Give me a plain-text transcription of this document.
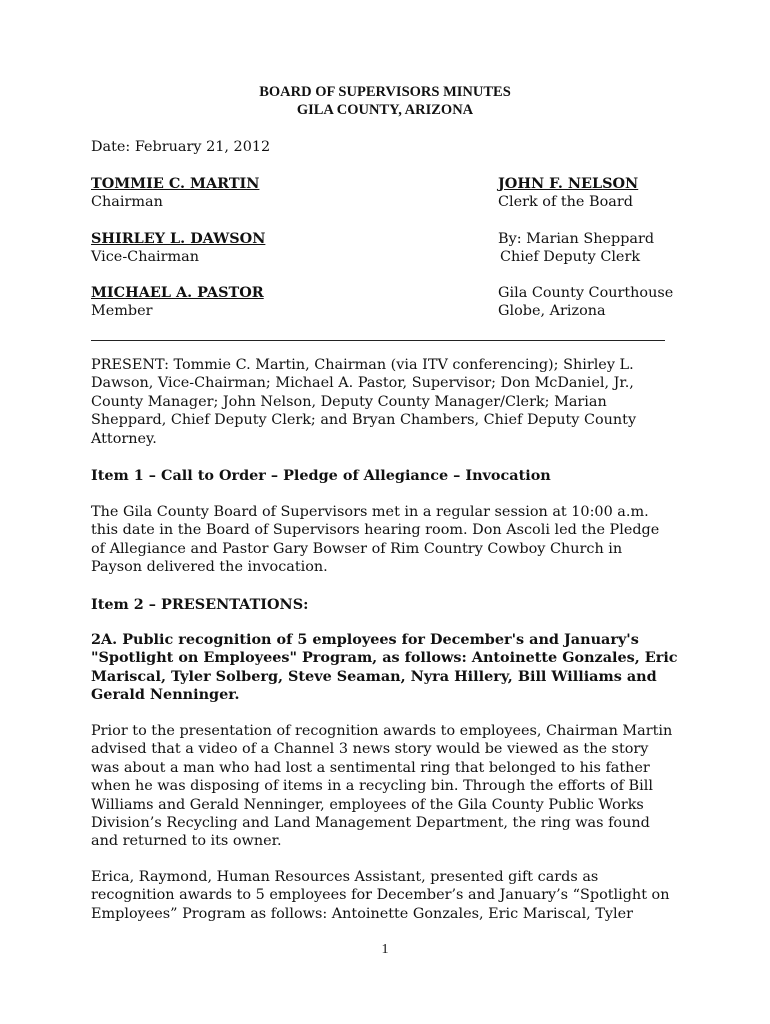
BOARD OF SUPERVISORS MINUTES
GILA COUNTY, ARIZONA
Date: February 21, 2012
TOMMIE C. MARTIN
Chairman
SHIRLEY L. DAWSON
Vice-Chairman
MICHAEL A. PASTOR
Member
JOHN F. NELSON
Clerk of the Board
By: Marian Sheppard
Chief Deputy Clerk
Gila County Courthouse
Globe, Arizona
PRESENT: Tommie C. Martin, Chairman (via ITV conferencing); Shirley L.
Dawson, Vice-Chairman; Michael A. Pastor, Supervisor; Don McDaniel, Jr.,
County Manager; John Nelson, Deputy County Manager/Clerk; Marian
Sheppard, Chief Deputy Clerk; and Bryan Chambers, Chief Deputy County
Attorney.
Item 1 – Call to Order – Pledge of Allegiance – Invocation
The Gila County Board of Supervisors met in a regular session at 10:00 a.m.
this date in the Board of Supervisors hearing room. Don Ascoli led the Pledge
of Allegiance and Pastor Gary Bowser of Rim Country Cowboy Church in
Payson delivered the invocation.
Item 2 – PRESENTATIONS:
2A. Public recognition of 5 employees for December's and January's
"Spotlight on Employees" Program, as follows: Antoinette Gonzales, Eric
Mariscal, Tyler Solberg, Steve Seaman, Nyra Hillery, Bill Williams and
Gerald Nenninger.
Prior to the presentation of recognition awards to employees, Chairman Martin
advised that a video of a Channel 3 news story would be viewed as the story
was about a man who had lost a sentimental ring that belonged to his father
when he was disposing of items in a recycling bin. Through the efforts of Bill
Williams and Gerald Nenninger, employees of the Gila County Public Works
Division’s Recycling and Land Management Department, the ring was found
and returned to its owner.
Erica, Raymond, Human Resources Assistant, presented gift cards as
recognition awards to 5 employees for December’s and January’s “Spotlight on
Employees” Program as follows: Antoinette Gonzales, Eric Mariscal, Tyler
1
